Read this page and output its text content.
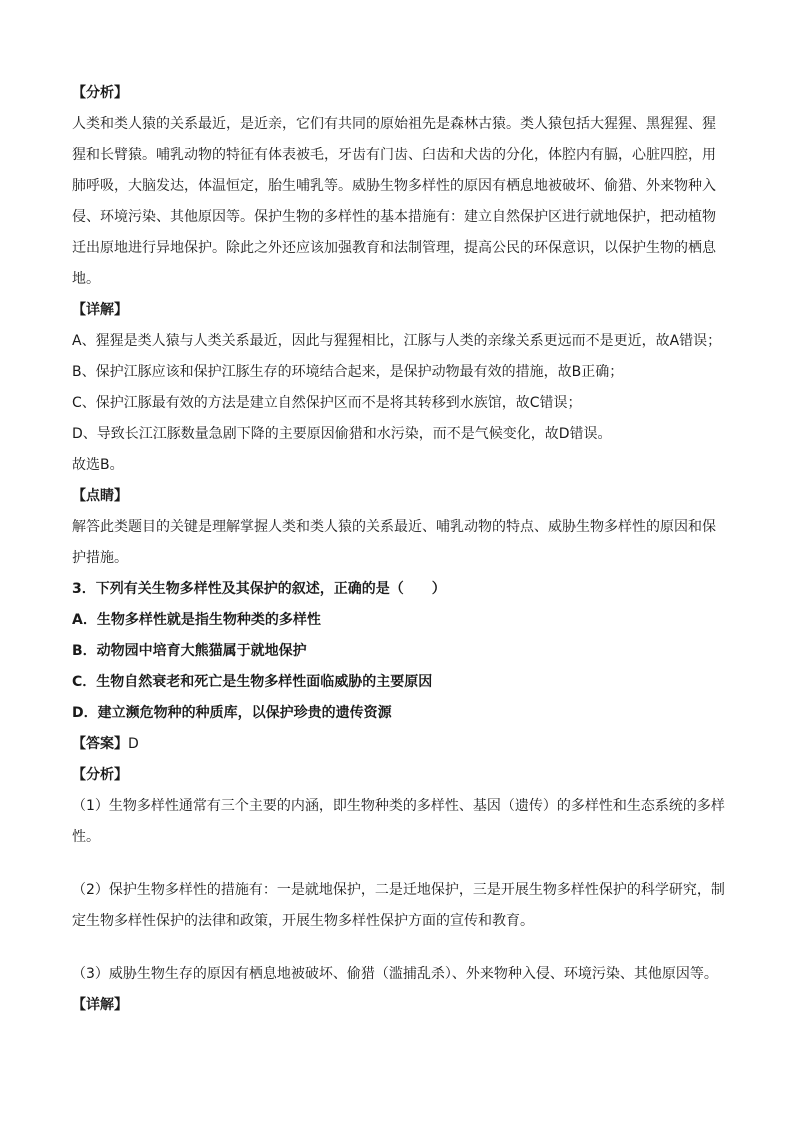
【分析】
人类和类人猿的关系最近，是近亲，它们有共同的原始祖先是森林古猿。类人猿包括大猩猩、黑猩猩、猩
猩和长臂猿。哺乳动物的特征有体表被毛，牙齿有门齿、臼齿和犬齿的分化，体腔内有膈，心脏四腔，用
肺呼吸，大脑发达，体温恒定，胎生哺乳等。威胁生物多样性的原因有栖息地被破坏、偷猎、外来物种入
侵、环境污染、其他原因等。保护生物的多样性的基本措施有：建立自然保护区进行就地保护，把动植物
迁出原地进行异地保护。除此之外还应该加强教育和法制管理，提高公民的环保意识，以保护生物的栖息
地。
【详解】
A、猩猩是类人猿与人类关系最近，因此与猩猩相比，江豚与人类的亲缘关系更远而不是更近，故A错误；
B、保护江豚应该和保护江豚生存的环境结合起来，是保护动物最有效的措施，故B正确；
C、保护江豚最有效的方法是建立自然保护区而不是将其转移到水族馆，故C错误；
D、导致长江江豚数量急剧下降的主要原因偷猎和水污染，而不是气候变化，故D错误。
故选B。
【点睛】
解答此类题目的关键是理解掌握人类和类人猿的关系最近、哺乳动物的特点、威胁生物多样性的原因和保
护措施。
3．下列有关生物多样性及其保护的叙述，正确的是（　　）
A．生物多样性就是指生物种类的多样性
B．动物园中培育大熊猫属于就地保护
C．生物自然衰老和死亡是生物多样性面临威胁的主要原因
D．建立濒危物种的种质库，以保护珍贵的遗传资源
【答案】D
【分析】
（1）生物多样性通常有三个主要的内涵，即生物种类的多样性、基因（遗传）的多样性和生态系统的多样
性。
（2）保护生物多样性的措施有：一是就地保护，二是迁地保护，三是开展生物多样性保护的科学研究，制
定生物多样性保护的法律和政策，开展生物多样性保护方面的宣传和教育。
（3）威胁生物生存的原因有栖息地被破坏、偷猎（滥捕乱杀）、外来物种入侵、环境污染、其他原因等。
【详解】
